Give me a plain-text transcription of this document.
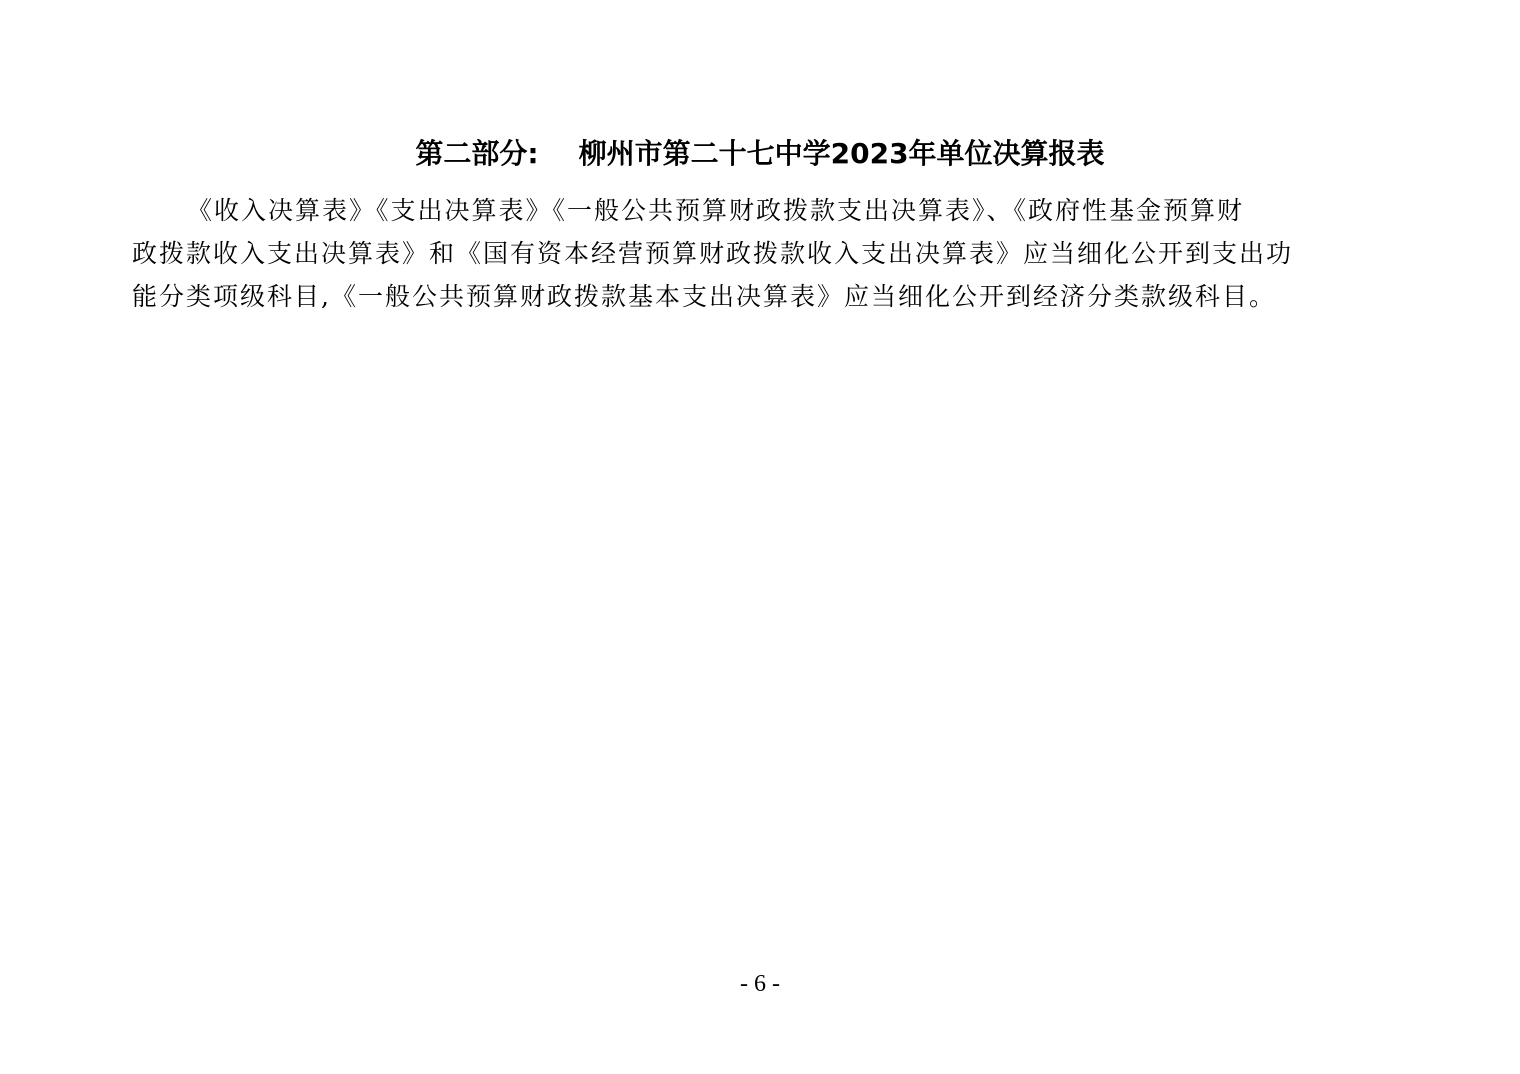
第二部分: 柳州市第二十七中学2023年单位决算报表
《收入决算表》《支出决算表》《一般公共预算财政拨款支出决算表》、《政府性基金预算财
政拨款收入支出决算表》和《国有资本经营预算财政拨款收入支出决算表》应当细化公开到支出功
能分类项级科目,《一般公共预算财政拨款基本支出决算表》应当细化公开到经济分类款级科目。
- 6 -
